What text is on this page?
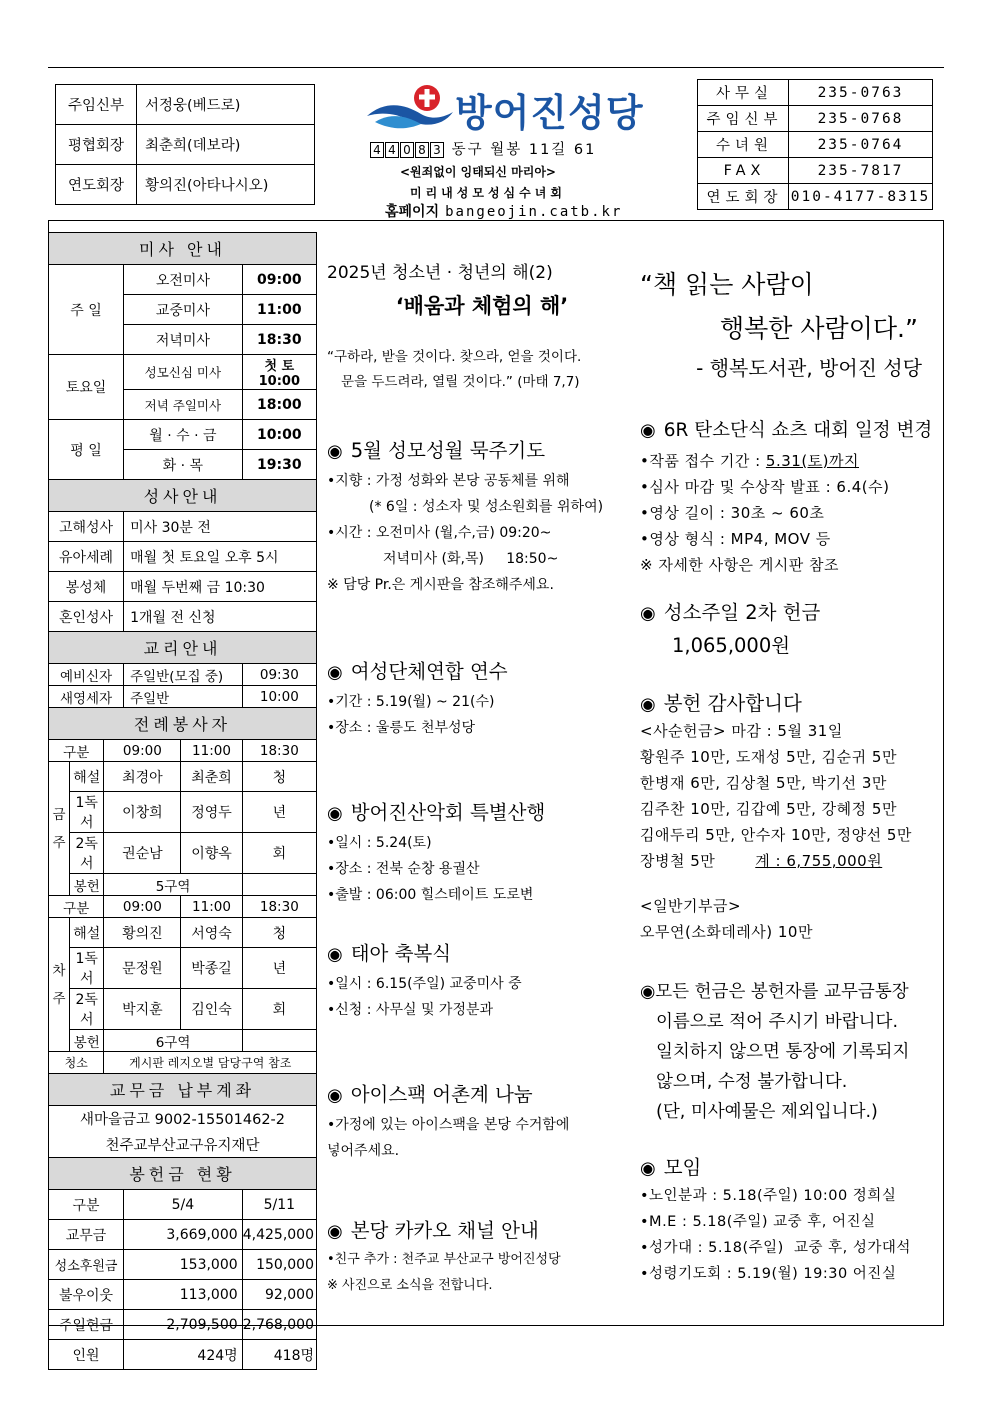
주임신부	서정웅(베드로)
평협회장	최춘희(데보라)
연도회장	황의진(아타나시오)
방어진성당
4 4 0 8 3 동구 월봉 11길 61
<원죄없이 잉태되신 마리아>
미리내성모성심수녀회
홈페이지 bangeojin.catb.kr
사무실	235-0763
주임신부	235-0768
수녀원	235-0764
FAX	235-7817
연도회장	010-4177-8315
미사 안내					
주 일			오전미사		09:00
			교중미사		11:00
			저녁미사		18:30
토요일			성모신심 미사		첫 토 10:00
			저녁 주일미사		18:00
평 일			월 · 수 · 금		10:00
			화 · 목		19:30
성사안내					
고해성사			미사 30분 전		
유아세례			매월 첫 토요일 오후 5시		
봉성체			매월 두번째 금 10:30		
혼인성사			1개월 전 신청		
교리안내					
예비신자			주일반(모집 중)		09:30
새영세자			주일반		10:00
전례봉사자					
구분		09:00		11:00	18:30
금
주	해설	최경아		최춘희	청
	1독서	이창희		정영두	년
	2독서	권순남		이향옥	회
	봉헌	5구역			
구분		09:00		11:00	18:30
차
주	해설	황의진		서영숙	청
	1독서	문정원		박종길	년
	2독서	박지훈		김인숙	회
	봉헌	6구역			
청소		게시판 레지오별 담당구역 참조			
교무금 납부계좌					
새마을금고 9002-15501462-2					
천주교부산교구유지재단					
봉헌금 현황					
구분			5/4		5/11
교무금			3,669,000		4,425,000
성소후원금			153,000		150,000
불우이웃			113,000		92,000
주일헌금			2,709,500		2,768,000
인원			424명		418명
2025년 청소년 · 청년의 해(2)
‘배움과 체험의 해’
“구하라, 받을 것이다. 찾으라, 얻을 것이다.
문을 두드려라, 열릴 것이다.” (마태 7,7)
◉ 5월 성모성월 묵주기도
•지향 : 가정 성화와 본당 공동체를 위해
(* 6일 : 성소자 및 성소원회를 위하여)
•시간 : 오전미사 (월,수,금) 09:20~
저녁미사 (화,목)     18:50~
※ 담당 Pr.은 게시판을 참조해주세요.
◉ 여성단체연합 연수
•기간 : 5.19(월) ~ 21(수)
•장소 : 울릉도 천부성당
◉ 방어진산악회 특별산행
•일시 : 5.24(토)
•장소 : 전북 순창 용궐산
•출발 : 06:00 힐스테이트 도로변
◉ 태아 축복식
•일시 : 6.15(주일) 교중미사 중
•신청 : 사무실 및 가정분과
◉ 아이스팩 어촌계 나눔
•가정에 있는 아이스팩을 본당 수거함에
넣어주세요.
◉ 본당 카카오 채널 안내
•친구 추가 : 천주교 부산교구 방어진성당
※ 사진으로 소식을 전합니다.
“책 읽는 사람이
행복한 사람이다.”
- 행복도서관, 방어진 성당
◉ 6R 탄소단식 쇼츠 대회 일정 변경
•작품 접수 기간 : 5.31(토)까지
•심사 마감 및 수상작 발표 : 6.4(수)
•영상 길이 : 30초 ~ 60초
•영상 형식 : MP4, MOV 등
※ 자세한 사항은 게시판 참조
◉ 성소주일 2차 헌금
1,065,000원
◉ 봉헌 감사합니다
<사순헌금> 마감 : 5월 31일
황원주 10만, 도재성 5만, 김순귀 5만
한병재 6만, 김상철 5만, 박기선 3만
김주찬 10만, 김갑예 5만, 강혜정 5만
김애두리 5만, 안수자 10만, 정양선 5만
장병철 5만	계 : 6,755,000원
<일반기부금>
오무연(소화데레사) 10만
◉모든 헌금은 봉헌자를 교무금통장
이름으로 적어 주시기 바랍니다.
일치하지 않으면 통장에 기록되지
않으며, 수정 불가합니다.
(단, 미사예물은 제외입니다.)
◉ 모임
•노인분과 : 5.18(주일) 10:00 정희실
•M.E : 5.18(주일) 교중 후, 어진실
•성가대 : 5.18(주일)  교중 후, 성가대석
•성령기도회 : 5.19(월) 19:30 어진실
